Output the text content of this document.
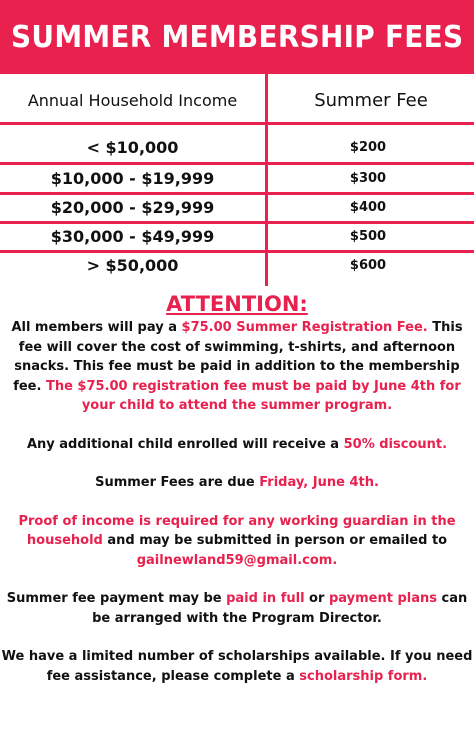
SUMMER MEMBERSHIP FEES
Annual Household Income	Summer Fee
< $10,000	$200
$10,000 - $19,999	$300
$20,000 - $29,999	$400
$30,000 - $49,999	$500
> $50,000	$600
ATTENTION:

All members will pay a $75.00 Summer Registration Fee. This fee will cover the cost of swimming, t-shirts, and afternoon snacks. This fee must be paid in addition to the membership fee. The $75.00 registration fee must be paid by June 4th for your child to attend the summer program.

Any additional child enrolled will receive a 50% discount.

Summer Fees are due Friday, June 4th.

Proof of income is required for any working guardian in the household and may be submitted in person or emailed to gailnewland59@gmail.com.

Summer fee payment may be paid in full or payment plans can be arranged with the Program Director.

We have a limited number of scholarships available. If you need fee assistance, please complete a scholarship form.
